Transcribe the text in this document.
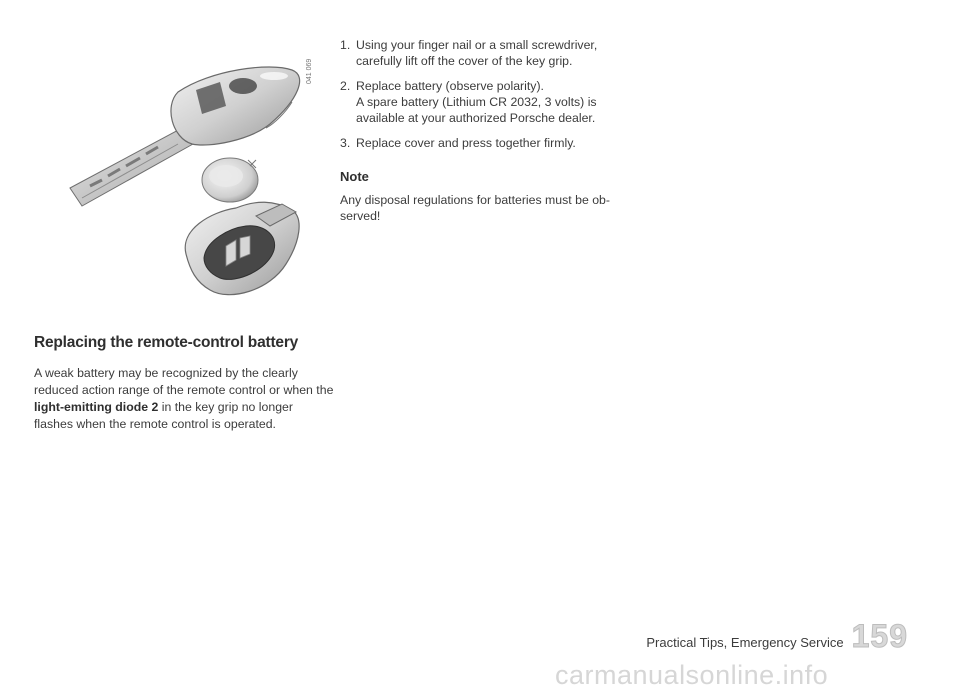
041 069
Replacing the remote-control battery

A weak battery may be recognized by the clearly reduced action range of the remote control or when the light-emitting diode 2 in the key grip no longer flashes when the remote control is operated.

1. Using your finger nail or a small screwdriver,
carefully lift off the cover of the key grip.
2. Replace battery (observe polarity).
A spare battery (Lithium CR 2032, 3 volts) is
available at your authorized Porsche dealer.
3. Replace cover and press together firmly.
Note

Any disposal regulations for batteries must be ob-
served!

Practical Tips, Emergency Service 159
carmanualsonline.info
